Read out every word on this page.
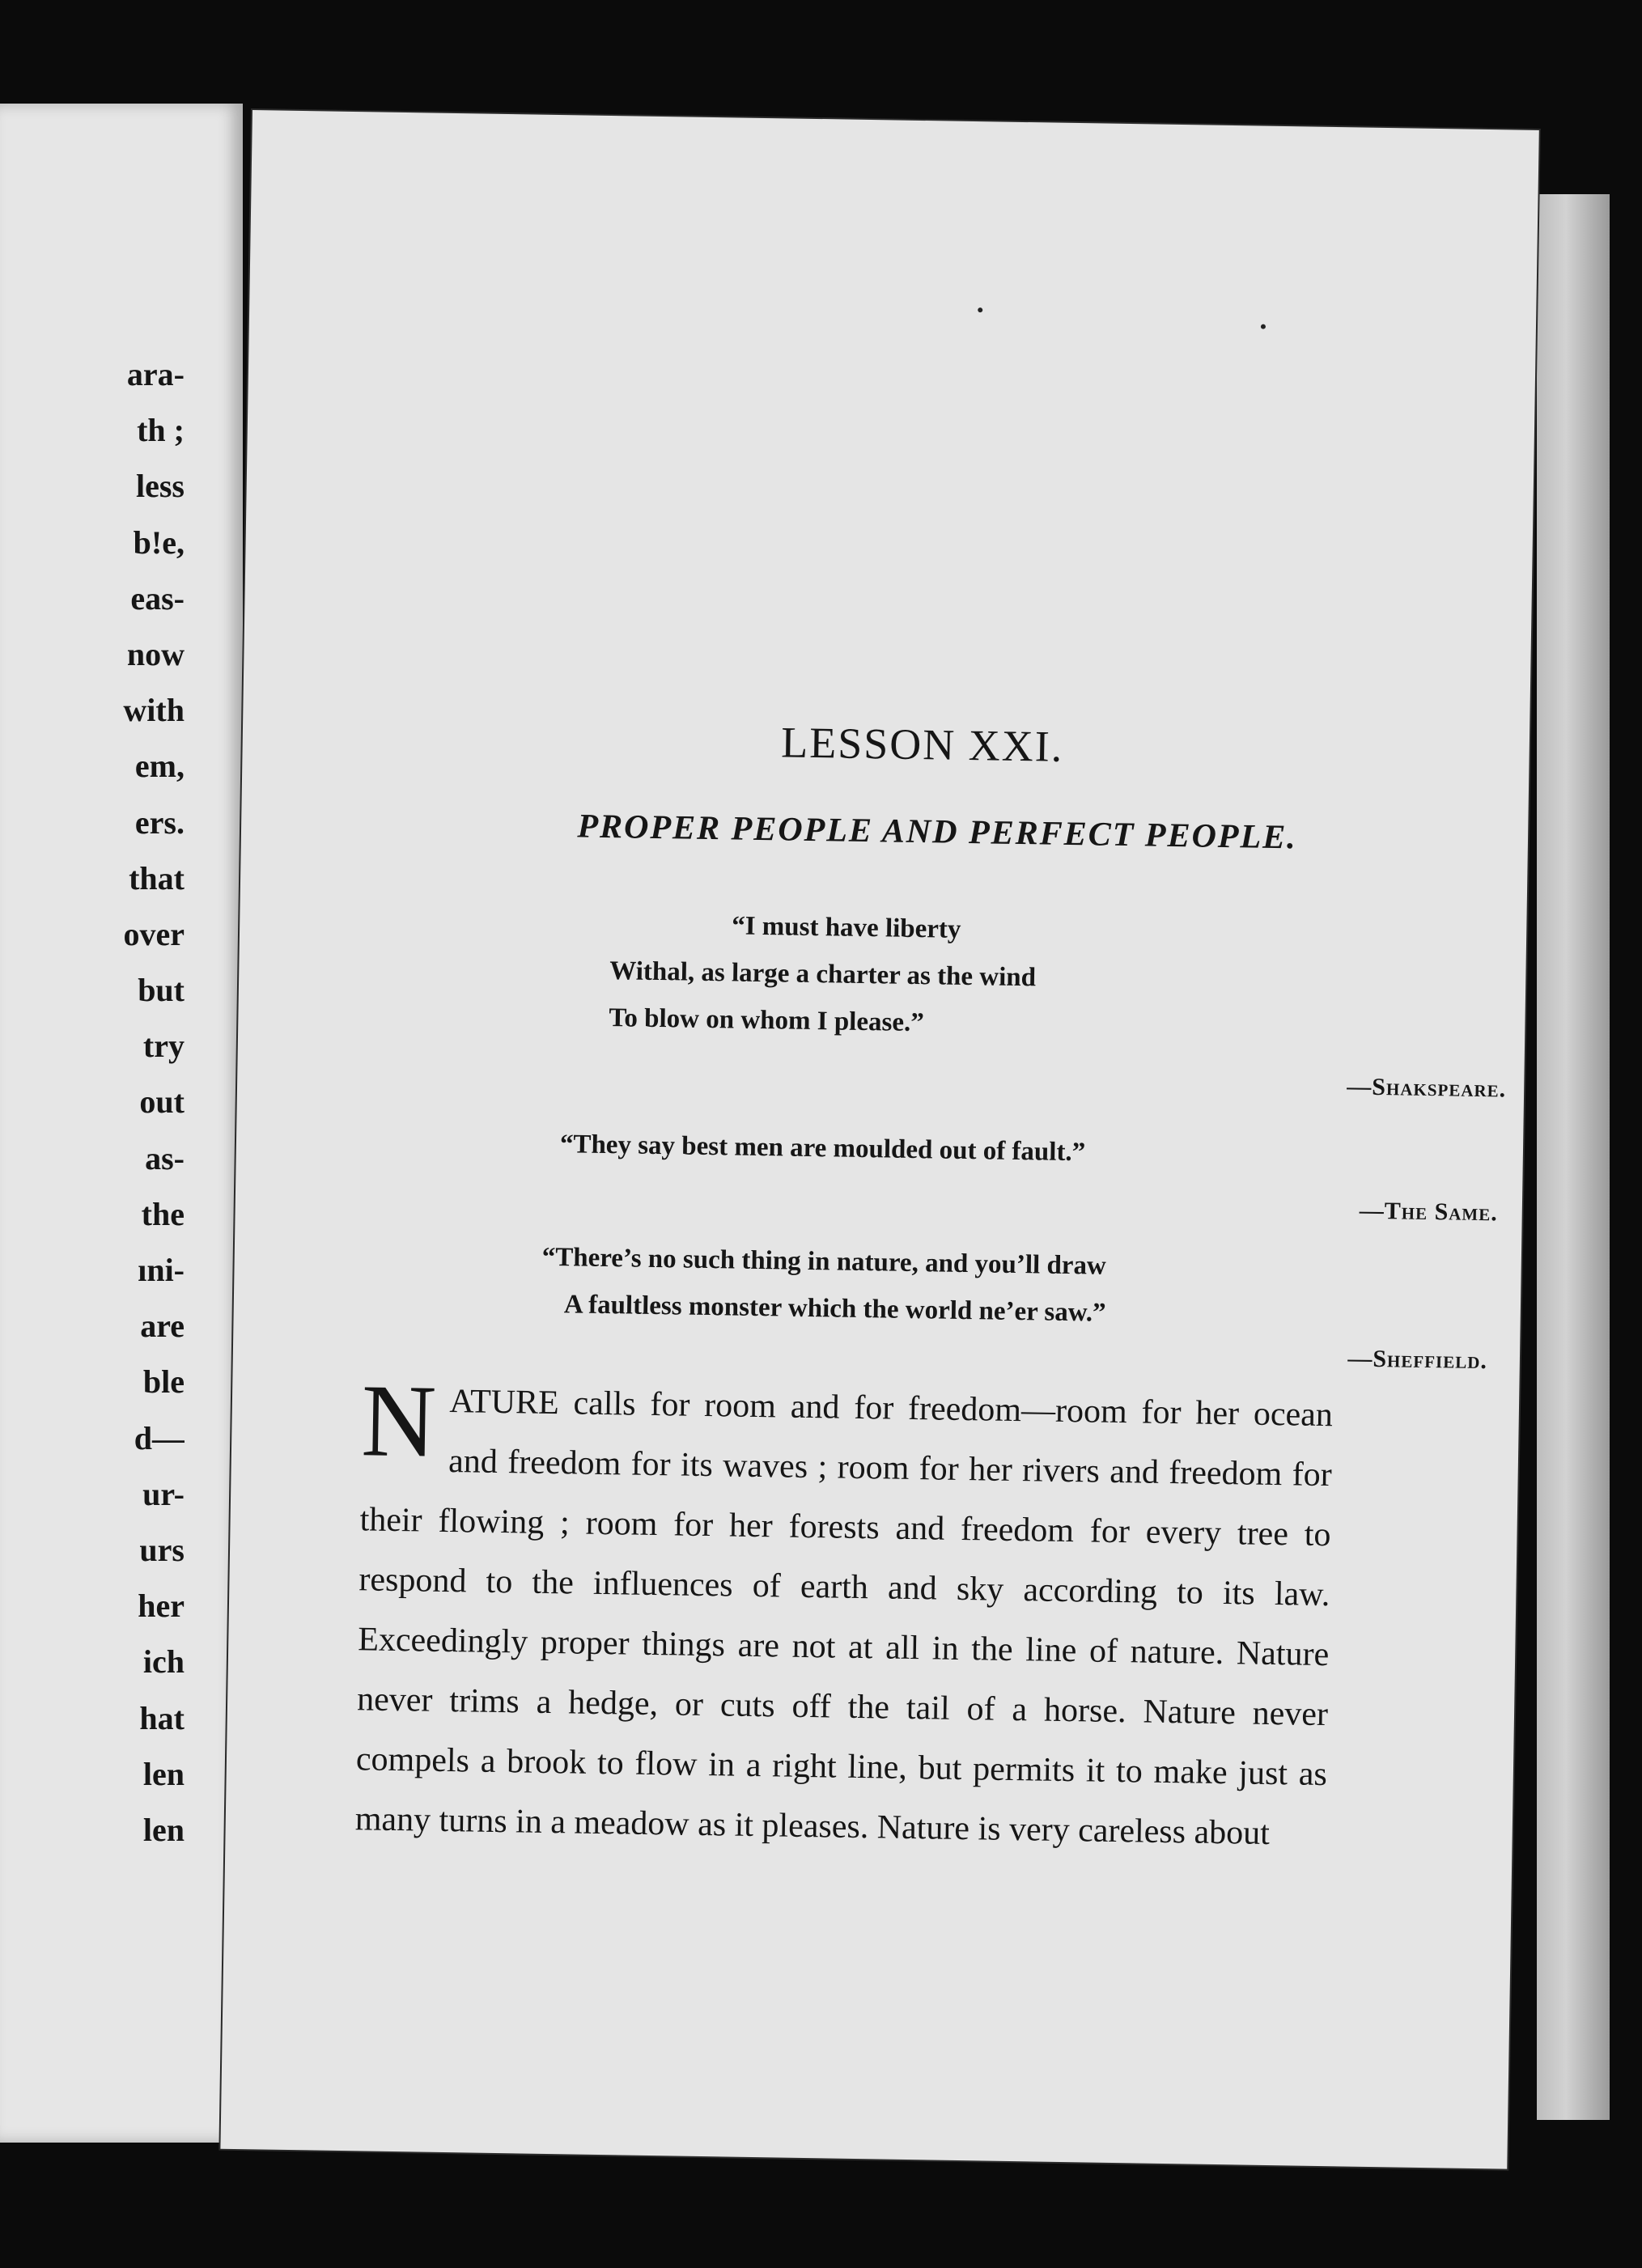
ara-
th ;
less
b!e,
eas-
now
with
em,
ers.
that
over
but
try
out
as-
the
ıni-
are
ble
d—
ur-
urs
her
ich
hat
len
len
LESSON XXI.
PROPER PEOPLE AND PERFECT PEOPLE.
“I must have liberty
Withal, as large a charter as the wind
To blow on whom I please.”
—Shakspeare.
“They say best men are moulded out of fault.”
—The Same.
“There’s no such thing in nature, and you’ll draw
A faultless monster which the world ne’er saw.”
—Sheffield.
N ATURE calls for room and for freedom—room for her ocean and freedom for its waves ; room for her rivers and freedom for their flowing ; room for her forests and freedom for every tree to respond to the influences of earth and sky according to its law. Exceedingly proper things are not at all in the line of nature. Nature never trims a hedge, or cuts off the tail of a horse. Nature never compels a brook to flow in a right line, but permits it to make just as many turns in a meadow as it pleases. Nature is very careless about
